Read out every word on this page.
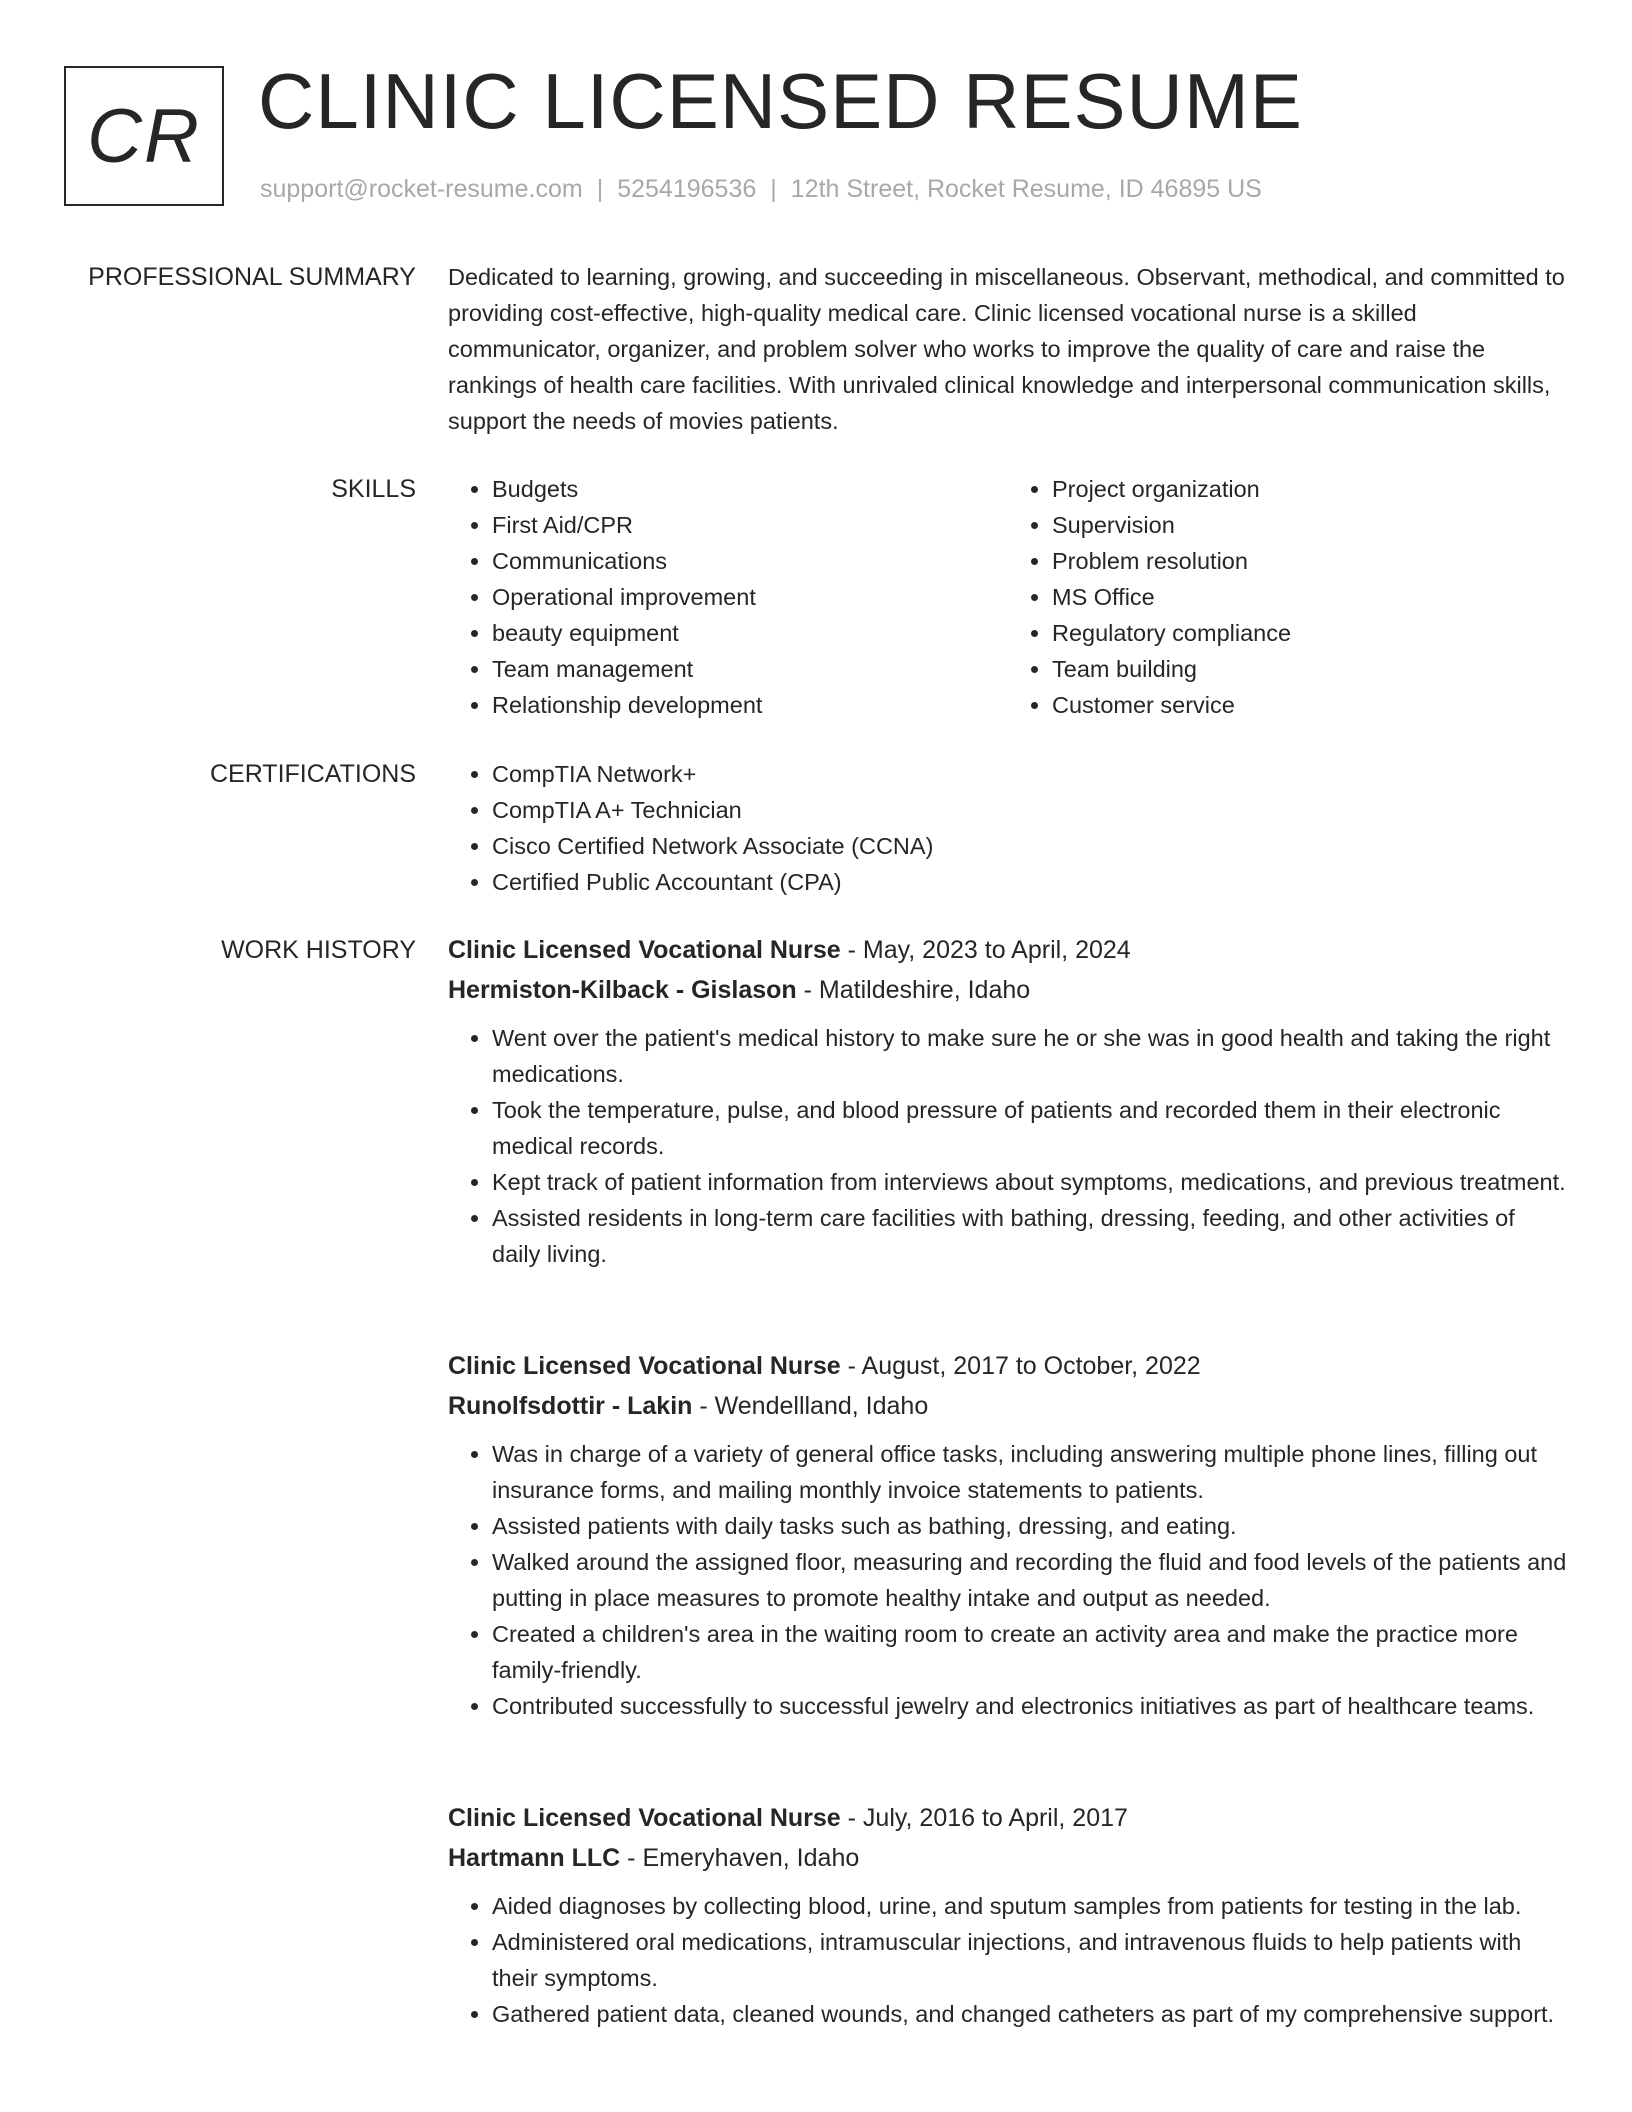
CR CLINIC LICENSED RESUME
support@rocket-resume.com | 5254196536 | 12th Street, Rocket Resume, ID 46895 US
PROFESSIONAL SUMMARY Dedicated to learning, growing, and succeeding in miscellaneous. Observant, methodical, and committed to providing cost-effective, high-quality medical care. Clinic licensed vocational nurse is a skilled communicator, organizer, and problem solver who works to improve the quality of care and raise the rankings of health care facilities. With unrivaled clinical knowledge and interpersonal communication skills, support the needs of movies patients.
SKILLS	• Budgets
• First Aid/CPR
• Communications
• Operational improvement
• beauty equipment
• Team management
• Relationship development
• Project organization
• Supervision
• Problem resolution
• MS Office
• Regulatory compliance
• Team building
• Customer service
CERTIFICATIONS	• CompTIA Network+
• CompTIA A+ Technician
• Cisco Certified Network Associate (CCNA)
• Certified Public Accountant (CPA)
WORK HISTORY Clinic Licensed Vocational Nurse - May, 2023 to April, 2024
Hermiston-Kilback - Gislason - Matildeshire, Idaho
• Went over the patient's medical history to make sure he or she was in good health and taking the right medications.
• Took the temperature, pulse, and blood pressure of patients and recorded them in their electronic medical records.
• Kept track of patient information from interviews about symptoms, medications, and previous treatment.
• Assisted residents in long-term care facilities with bathing, dressing, feeding, and other activities of daily living.
Clinic Licensed Vocational Nurse - August, 2017 to October, 2022
Runolfsdottir - Lakin - Wendellland, Idaho
• Was in charge of a variety of general office tasks, including answering multiple phone lines, filling out insurance forms, and mailing monthly invoice statements to patients.
• Assisted patients with daily tasks such as bathing, dressing, and eating.
• Walked around the assigned floor, measuring and recording the fluid and food levels of the patients and putting in place measures to promote healthy intake and output as needed.
• Created a children's area in the waiting room to create an activity area and make the practice more family-friendly.
• Contributed successfully to successful jewelry and electronics initiatives as part of healthcare teams.
Clinic Licensed Vocational Nurse - July, 2016 to April, 2017
Hartmann LLC - Emeryhaven, Idaho
• Aided diagnoses by collecting blood, urine, and sputum samples from patients for testing in the lab.
• Administered oral medications, intramuscular injections, and intravenous fluids to help patients with their symptoms.
• Gathered patient data, cleaned wounds, and changed catheters as part of my comprehensive support.
